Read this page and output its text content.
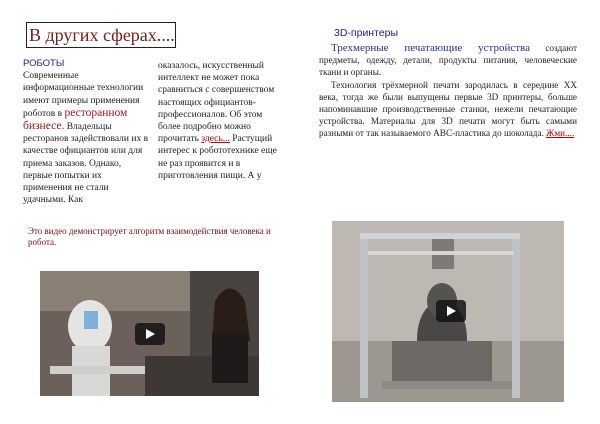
В других сферах....
РОБОТЫ
Современные информационные технологии имеют примеры применения роботов в ресторанном бизнесе. Владельцы ресторанов задействовали их в качестве официантов или для приема заказов. Однако, первые попытки их применения не стали удачными. Как
оказалось, искусственный интеллект не может пока сравниться с совершенством настоящих официантов-профессионалов. Об этом более подробно можно прочитать здесь... Растущий интерес к робототехнике еще не раз проявится и в приготовления пищи. А у
Это видео демонстрирует алгоритм взаимодействия человека и робота.
3D-принтеры

Трехмерные печатающие устройства создают предметы, одежду, детали, продукты питания, человеческие ткани и органы.

Технология трёхмерной печати зародилась в середине XX века, тогда же были выпущены первые 3D принтеры, больше напоминавшие производственные станки, нежели печатающие устройства. Материалы для 3D печати могут быть самыми разными от так называемого АВС-пластика до шоколада. Жми....
